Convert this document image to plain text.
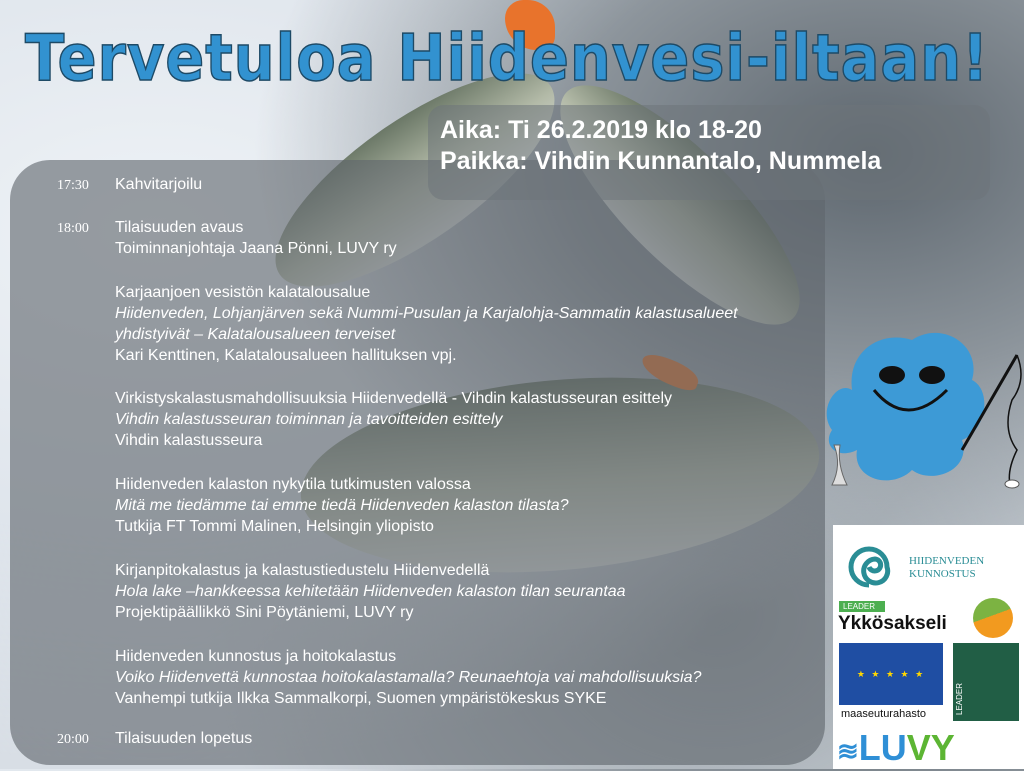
Tervetuloa Hiidenvesi-iltaan!
Aika: Ti 26.2.2019 klo 18-20
Paikka: Vihdin Kunnantalo, Nummela
17:30 Kahvitarjoilu
18:00 Tilaisuuden avaus
Toiminnanjohtaja Jaana Pönni, LUVY ry
Karjaanjoen vesistön kalatalousalue
Hiidenveden, Lohjanjärven sekä Nummi-Pusulan ja Karjalohja-Sammatin kalastusalueet
yhdistyivät – Kalatalousalueen terveiset
Kari Kenttinen, Kalatalousalueen hallituksen vpj.
Virkistyskalastusmahdollisuuksia Hiidenvedellä - Vihdin kalastusseuran esittely
Vihdin kalastusseuran toiminnan ja tavoitteiden esittely
Vihdin kalastusseura
Hiidenveden kalaston nykytila tutkimusten valossa
Mitä me tiedämme tai emme tiedä Hiidenveden kalaston tilasta?
Tutkija FT Tommi Malinen, Helsingin yliopisto
Kirjanpitokalastus ja kalastustiedustelu Hiidenvedellä
Hola lake –hankkeessa kehitetään Hiidenveden kalaston tilan seurantaa
Projektipäällikkö Sini Pöytäniemi, LUVY ry
Hiidenveden kunnostus ja hoitokalastus
Voiko Hiidenvettä kunnostaa hoitokalastamalla? Reunaehtoja vai mahdollisuuksia?
Vanhempi tutkija Ilkka Sammalkorpi, Suomen ympäristökeskus SYKE
20:00 Tilaisuuden lopetus
HIIDENVEDEN
KUNNOSTUS
LEADER
Ykkösakseli
★ ★ ★ ★ ★
maaseuturahasto	LEADER
≋LUVY
